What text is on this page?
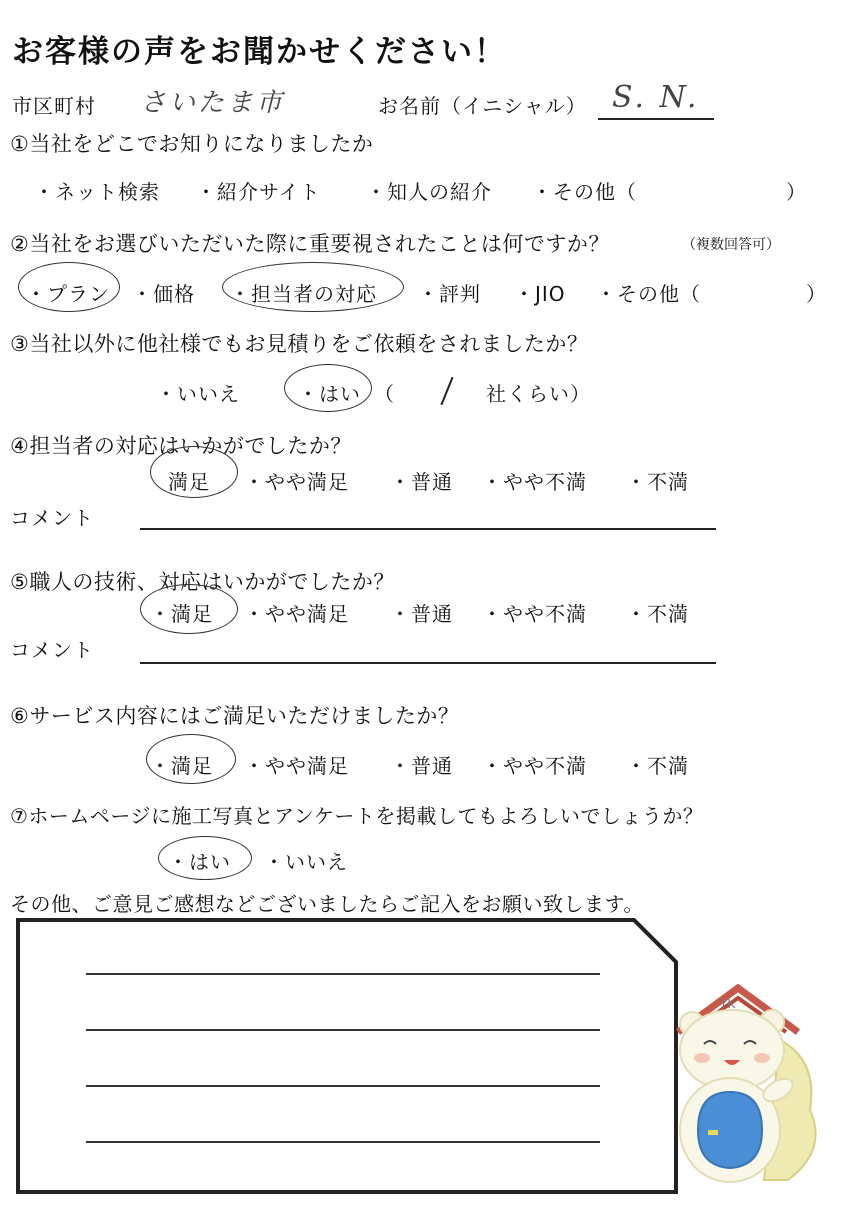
お客様の声をお聞かせください！
市区町村 さいたま市	お名前（イニシャル） S. N.
①当社をどこでお知りになりましたか
・ネット検索 ・紹介サイト ・知人の紹介 ・その他（	）
②当社をお選びいただいた際に重要視されたことは何ですか？	（複数回答可）
・プラン ・価格 ・担当者の対応 ・評判 ・JIO ・その他（	）
③当社以外に他社様でもお見積りをご依頼をされましたか？
・いいえ	・はい （	社くらい）
④担当者の対応はいかがでしたか？
満足 ・やや満足 ・普通 ・やや不満 ・不満
コメント
⑤職人の技術、対応はいかがでしたか？
・満足 ・やや満足 ・普通 ・やや不満 ・不満
コメント
⑥サービス内容にはご満足いただけましたか？
・満足 ・やや満足 ・普通 ・やや不満 ・不満
⑦ホームページに施工写真とアンケートを掲載してもよろしいでしょうか？
・はい ・いいえ
その他、ご意見ご感想などございましたらご記入をお願い致します。
YK
